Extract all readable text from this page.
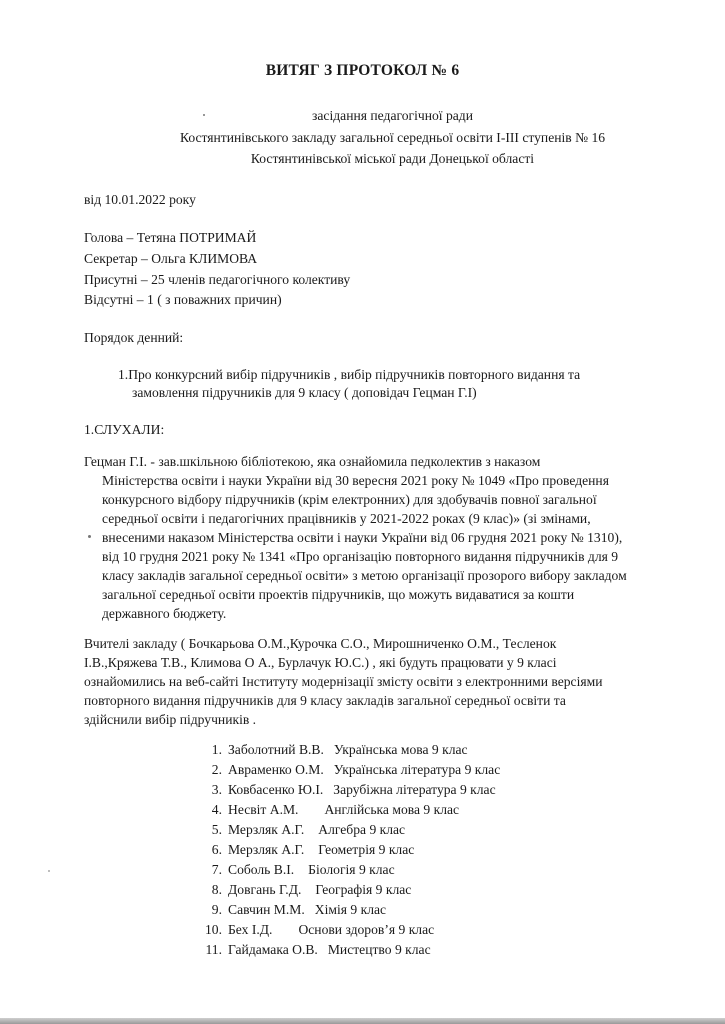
ВИТЯГ З ПРОТОКОЛ № 6
засідання педагогічної ради
Костянтинівського закладу загальної середньої освіти І-ІІІ ступенів № 16
Костянтинівської міської ради Донецької області
від 10.01.2022 року
Голова – Тетяна ПОТРИМАЙ
Секретар – Ольга КЛИМОВА
Присутні – 25 членів педагогічного колективу
Відсутні – 1 ( з поважних причин)
Порядок денний:
1.Про конкурсний вибір підручників , вибір підручників повторного видання та
замовлення підручників для 9 класу ( доповідач Гецман Г.І)
1.СЛУХАЛИ:
Гецман Г.І. - зав.шкільною бібліотекою, яка ознайомила педколектив з наказом
Міністерства освіти і науки України від 30 вересня 2021 року № 1049 «Про проведення
конкурсного відбору підручників (крім електронних) для здобувачів повної загальної
середньої освіти і педагогічних працівників у 2021-2022 роках (9 клас)» (зі змінами,
внесеними наказом Міністерства освіти і науки України від 06 грудня 2021 року № 1310),
від 10 грудня 2021 року № 1341 «Про організацію повторного видання підручників для 9
класу закладів загальної середньої освіти» з метою організації прозорого вибору закладом
загальної середньої освіти проектів підручників, що можуть видаватися за кошти
державного бюджету.
Вчителі закладу ( Бочкарьова О.М.,Курочка С.О., Мирошниченко О.М., Тесленок
І.В.,Кряжева Т.В., Климова О А., Бурлачук Ю.С.) , які будуть працювати у 9 класі
ознайомились на веб-сайті Інституту модернізації змісту освіти з електронними версіями
повторного видання підручників для 9 класу закладів загальної середньої освіти та
здійснили вибір підручників .
1. Заболотний В.В. Українська мова 9 клас
2. Авраменко О.М. Українська література 9 клас
3. Ковбасенко Ю.І. Зарубіжна література 9 клас
4. Несвіт А.М. Англійська мова 9 клас
5. Мерзляк А.Г. Алгебра 9 клас
6. Мерзляк А.Г. Геометрія 9 клас
7. Соболь В.І. Біологія 9 клас
8. Довгань Г.Д. Географія 9 клас
9. Савчин М.М. Хімія 9 клас
10. Бех І.Д. Основи здоров’я 9 клас
11. Гайдамака О.В. Мистецтво 9 клас
